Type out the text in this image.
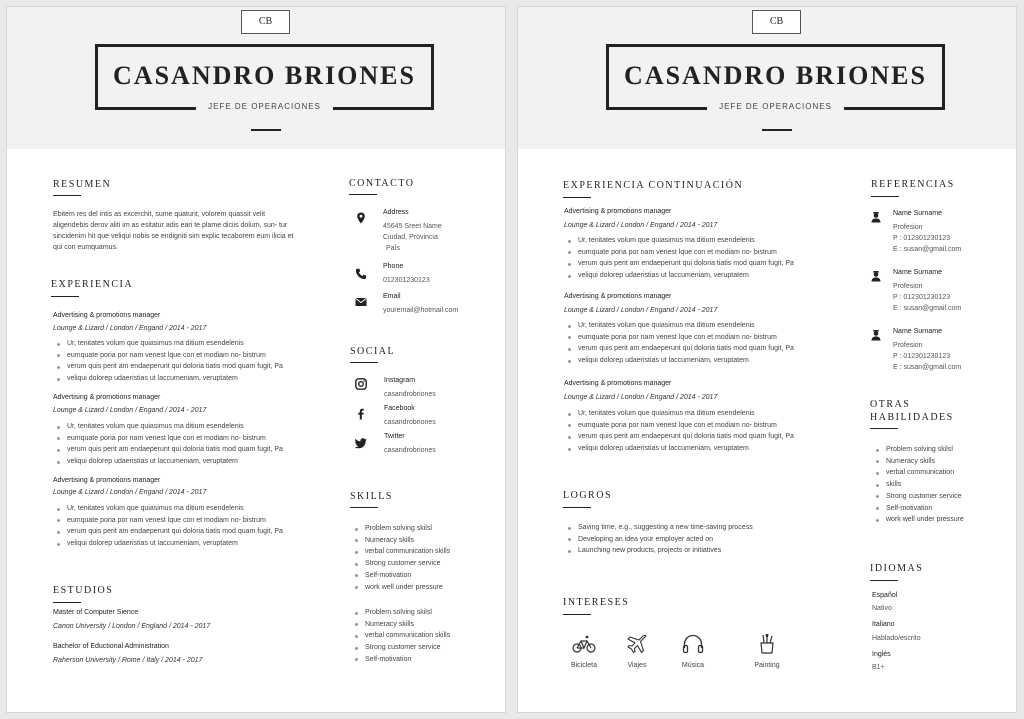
CB
CASANDRO BRIONES
JEFE DE OPERACIONES
RESUMEN
Ebitem res del intis as excerchit, sume quaturit, volorem quassit velit
aligendebis derov aliti im as esitatur adis eari te plame diciis dolum, sun- tur
sincidenim hit que veliqui nobis se endigniti sim explic tecaborem eum ilicia et
qui con eumquamus.
EXPERIENCIA
Advertising & promotions manager
Lounge & Lizard / London / Engand / 2014 - 2017
Ur, tenitates volum que quiasimus ma ditium esendelenis
eumquate poria por nam venest lque con et modiam no- bistrum
verum quis perit am endaeperunt qui doloria tiatis mod quam fugit, Pa
veliqui dolorep udaeristias ut laccumeniam, veruptatem
Advertising & promotions manager
Lounge & Lizard / London / Engand / 2014 - 2017
Ur, tenitates volum que quiasimus ma ditium esendelenis
eumquate poria por nam venest lque con et modiam no- bistrum
verum quis perit am endaeperunt qui doloria tiatis mod quam fugit, Pa
veliqui dolorep udaeristias ut laccumeniam, veruptatem
Advertising & promotions manager
Lounge & Lizard / London / Engand / 2014 - 2017
Ur, tenitates volum que quiasimus ma ditium esendelenis
eumquate poria por nam venest lque con et modiam no- bistrum
verum quis perit am endaeperunt qui doloria tiatis mod quam fugit, Pa
veliqui dolorep udaeristias ut laccumeniam, veruptatem
ESTUDIOS
Master of Computer Sience
Canon University / London / England / 2014 - 2017
Bachelor of Eductional Administration
Raherson University / Rome / Italy / 2014 - 2017
CONTACTO
Address
45645 Sreet Name
Ciudad, Provincia
País
Phone
012301230123
Email
youremail@hotmail.com
SOCIAL
Instagram
casandrobriones
Facebook
casandrobriones
Twitter
casandrobriones
SKILLS
Problem solving skilsl
Numeracy skills
verbal communication skills
Strong customer service
Self-motivation
work well under pressure
Problem solving skilsl
Numeracy skills
verbal communication skills
Strong customer service
Self-motivation
CB
CASANDRO BRIONES
JEFE DE OPERACIONES
EXPERIENCIA CONTINUACIÓN
Advertising & promotions manager
Lounge & Lizard / London / Engand / 2014 - 2017
Ur, tenitates volum que quiasimus ma ditium esendelenis
eumquate poria por nam venest lque con et modiam no- bistrum
verum quis perit am endaeperunt qui doloria tiatis mod quam fugit, Pa
veliqui dolorep udaeristias ut laccumeniam, veruptatem
Advertising & promotions manager
Lounge & Lizard / London / Engand / 2014 - 2017
Ur, tenitates volum que quiasimus ma ditium esendelenis
eumquate poria por nam venest lque con et modiam no- bistrum
verum quis perit am endaeperunt qui doloria tiatis mod quam fugit, Pa
veliqui dolorep udaeristias ut laccumeniam, veruptatem
Advertising & promotions manager
Lounge & Lizard / London / Engand / 2014 - 2017
Ur, tenitates volum que quiasimus ma ditium esendelenis
eumquate poria por nam venest lque con et modiam no- bistrum
verum quis perit am endaeperunt qui doloria tiatis mod quam fugit, Pa
veliqui dolorep udaeristias ut laccumeniam, veruptatem
LOGROS
Saving time, e.g., suggesting a new time-saving process
Developing an idea your employer acted on
Launching new products, projects or initiatives
INTERESES
Bicicleta	Viajes	Música	Painting
REFERENCIAS
Name Surname
Profesion
P : 012301230123
E : susan@gmail.com
Name Surname
Profesion
P : 012301230123
E : susan@gmail.com
Name Surname
Profesion
P : 012301230123
E : susan@gmail.com
OTRAS
HABILIDADES
Problem solving skilsl
Numeracy skills
verbal communication
skills
Strong customer service
Self-motivation
work well under pressure
IDIOMAS
Español
Nativo
Italiano
Hablado/escrito
Inglés
B1+
